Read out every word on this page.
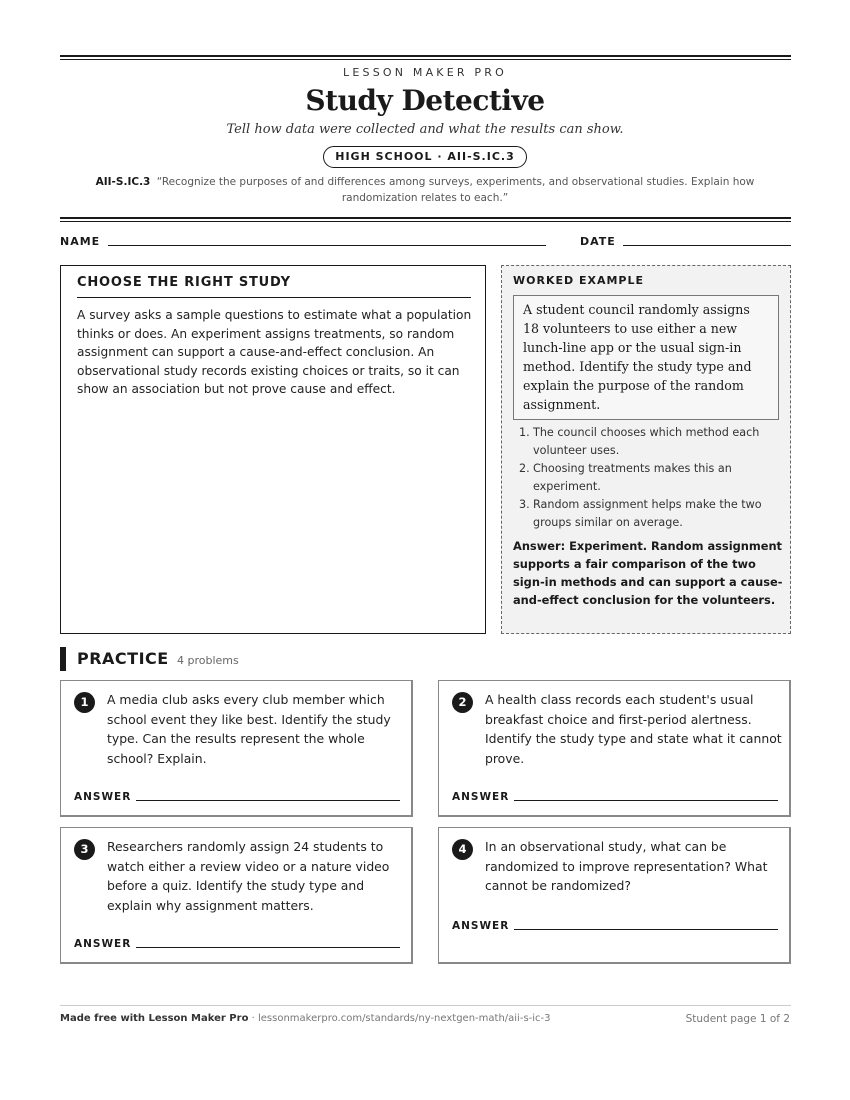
LESSON MAKER PRO
Study Detective
Tell how data were collected and what the results can show.
HIGH SCHOOL · AII-S.IC.3
AII-S.IC.3 “Recognize the purposes of and differences among surveys, experiments, and observational studies. Explain how randomization relates to each.”
NAME	DATE
CHOOSE THE RIGHT STUDY

A survey asks a sample questions to estimate what a population thinks or does. An experiment assigns treatments, so random assignment can support a cause-and-effect conclusion. An observational study records existing choices or traits, so it can show an association but not prove cause and effect.

WORKED EXAMPLE
A student council randomly assigns 18 volunteers to use either a new lunch-line app or the usual sign-in method. Identify the study type and explain the purpose of the random assignment.
1. The council chooses which method each volunteer uses.
2. Choosing treatments makes this an experiment.
3. Random assignment helps make the two groups similar on average.
Answer: Experiment. Random assignment supports a fair comparison of the two sign-in methods and can support a cause-and-effect conclusion for the volunteers.
PRACTICE 4 problems
1	A media club asks every club member which school event they like best. Identify the study type. Can the results represent the whole school? Explain.
ANSWER
2	A health class records each student's usual breakfast choice and first-period alertness. Identify the study type and state what it cannot prove.
ANSWER
3	Researchers randomly assign 24 students to watch either a review video or a nature video before a quiz. Identify the study type and explain why assignment matters.
ANSWER
4	In an observational study, what can be randomized to improve representation? What cannot be randomized?
ANSWER
Made free with Lesson Maker Pro · lessonmakerpro.com/standards/ny-nextgen-math/aii-s-ic-3	Student page 1 of 2
